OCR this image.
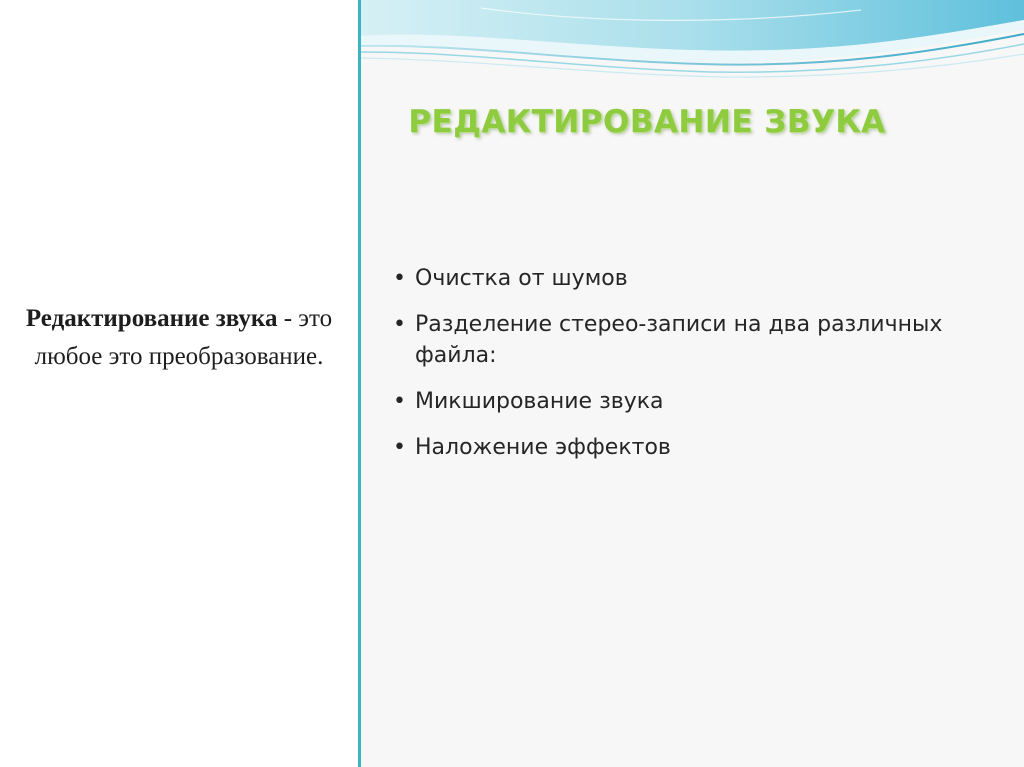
Редактирование звука - это любое это преобразование.
РЕДАКТИРОВАНИЕ ЗВУКА
• Очистка от шумов
• Разделение стерео-записи на два различных файла:
• Микширование звука
• Наложение эффектов
